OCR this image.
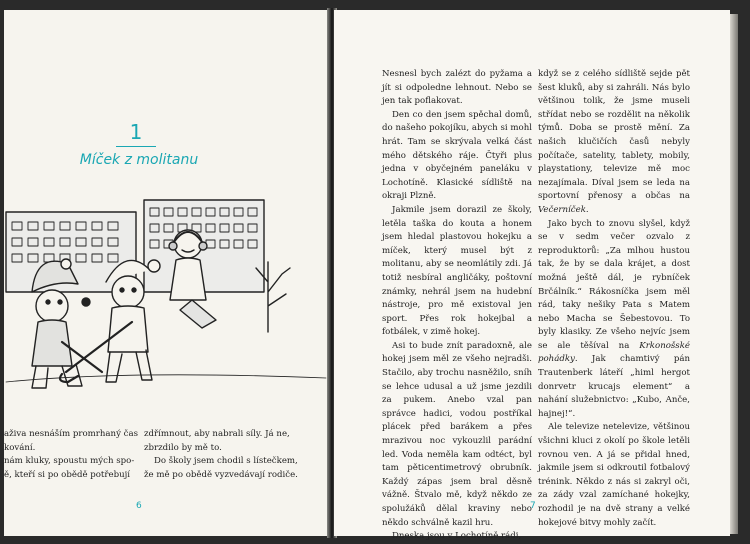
1
Míček z molitanu

aživa nesnáším promrhaný čas

kování.

nám kluky, spoustu mých spo-

ě, kteří si po obědě potřebují

zdřímnout, aby nabrali síly. Já ne,

zbrzdilo by mě to.

Do školy jsem chodil s lístečkem,

že mě po obědě vyzvedávají rodiče.

6

Nesnesl bych zalézt do pyžama a jít si odpoledne lehnout. Nebo se jen tak poflakovat.

Den co den jsem spěchal domů, do našeho pokojíku, abych si mohl hrát. Tam se skrývala velká část mého dětského ráje. Čtyři plus jedna v obyčejném paneláku v Lochotíně. Klasické sídliště na okraji Plzně.

Jakmile jsem dorazil ze školy, letěla taška do kouta a honem jsem hledal plastovou hokejku a míček, který musel být z molitanu, aby se neomlátily zdi. Já totiž nesbíral angličáky, poštovní známky, nehrál jsem na hudební nástroje, pro mě existoval jen sport. Přes rok hokejbal a fotbálek, v zimě hokej.

Asi to bude znít paradoxně, ale hokej jsem měl ze všeho nejradši. Stačilo, aby trochu nasněžilo, sníh se lehce udusal a už jsme jezdili za pukem. Anebo vzal pan správce hadici, vodou postříkal plácek před barákem a přes mrazivou noc vykouzlil parádní led. Voda neměla kam odtéct, byl tam pěticentimetrový obrubník. Každý zápas jsem bral děsně vážně. Štvalo mě, když někdo ze spolužáků dělal kraviny nebo někdo schválně kazil hru.

Dneska jsou v Lochotíně rádi,

když se z celého sídliště sejde pět šest kluků, aby si zahráli. Nás bylo většinou tolik, že jsme museli střídat nebo se rozdělit na několik týmů. Doba se prostě mění. Za našich klučičích časů nebyly počítače, satelity, tablety, mobily, playstationy, televize mě moc nezajímala. Díval jsem se leda na sportovní přenosy a občas na Večerníček.

Jako bych to znovu slyšel, když se v sedm večer ozvalo z reproduktorů: „Za mlhou hustou tak, že by se dala krájet, a dost možná ještě dál, je rybníček Brčálník.“ Rákosníčka jsem měl rád, taky nešiky Pata s Matem nebo Macha se Šebestovou. To byly klasiky. Ze všeho nejvíc jsem se ale těšíval na Krkonošské pohádky. Jak chamtivý pán Trautenberk láteří „himl hergot donrvetr krucajs element“ a nahání služebnictvo: „Kubo, Anče, hajnej!“.

Ale televize netelevize, většinou všichni kluci z okolí po škole letěli rovnou ven. A já se přidal hned, jakmile jsem si odkroutil fotbalový trénink. Někdo z nás si zakryl oči, za zády vzal zamíchané hokejky, rozhodil je na dvě strany a velké hokejové bitvy mohly začít.

7
